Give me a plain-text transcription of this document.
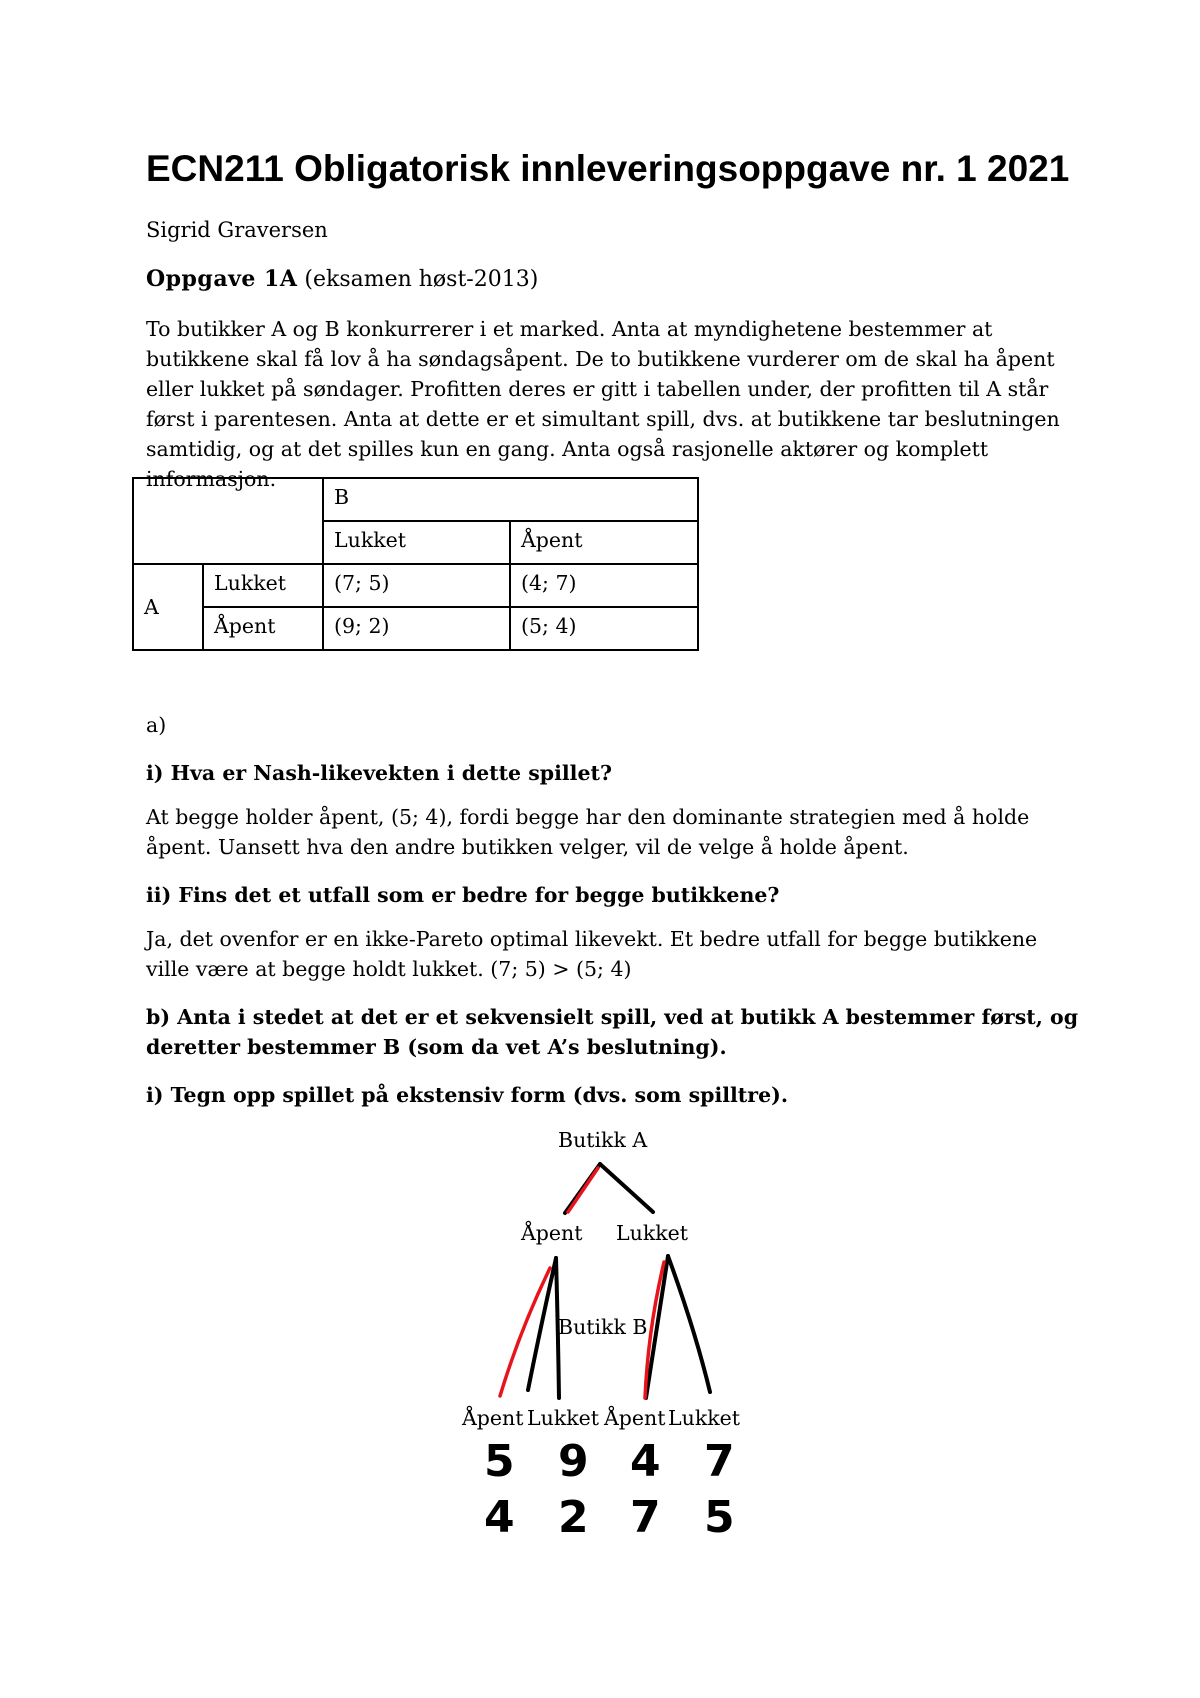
ECN211 Obligatorisk innleveringsoppgave nr. 1 2021
Sigrid Graversen
Oppgave 1A (eksamen høst-2013)
To butikker A og B konkurrerer i et marked. Anta at myndighetene bestemmer at butikkene skal få lov å ha søndagsåpent. De to butikkene vurderer om de skal ha åpent eller lukket på søndager. Profitten deres er gitt i tabellen under, der profitten til A står først i parentesen. Anta at dette er et simultant spill, dvs. at butikkene tar beslutningen samtidig, og at det spilles kun en gang. Anta også rasjonelle aktører og komplett informasjon.
		B	
		Lukket	Åpent
A	Lukket	(7; 5)	(4; 7)
	Åpent	(9; 2)	(5; 4)
a)
i) Hva er Nash-likevekten i dette spillet?
At begge holder åpent, (5; 4), fordi begge har den dominante strategien med å holde åpent. Uansett hva den andre butikken velger, vil de velge å holde åpent.
ii) Fins det et utfall som er bedre for begge butikkene?
Ja, det ovenfor er en ikke-Pareto optimal likevekt. Et bedre utfall for begge butikkene ville være at begge holdt lukket. (7; 5) > (5; 4)
b) Anta i stedet at det er et sekvensielt spill, ved at butikk A bestemmer først, og deretter bestemmer B (som da vet A’s beslutning).
i) Tegn opp spillet på ekstensiv form (dvs. som spilltre).
Butikk A
Åpent Lukket
Butikk B
Åpent Lukket Åpent Lukket
5 9 4 7
4 2 7 5
